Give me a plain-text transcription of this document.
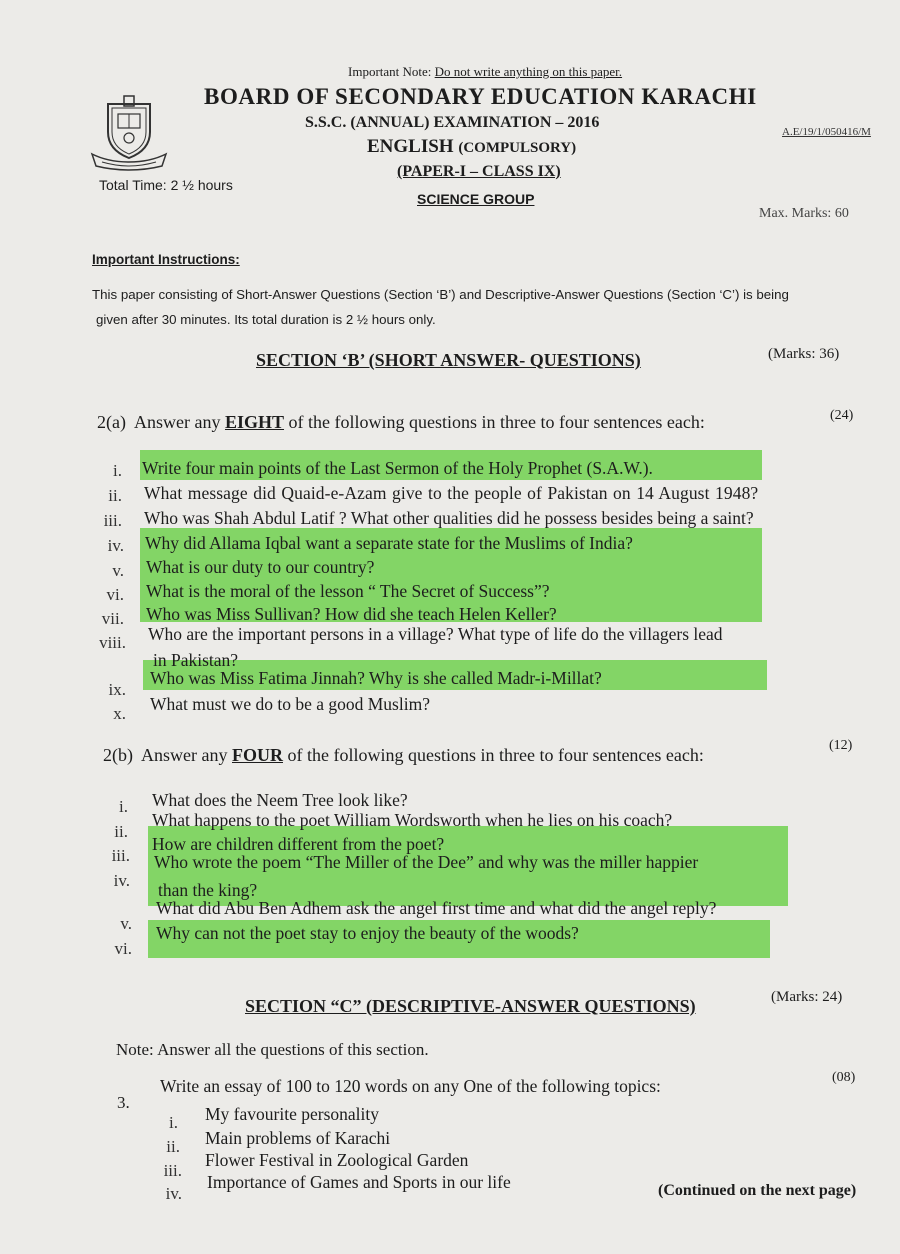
Important Note: Do not write anything on this paper.
BOARD OF SECONDARY EDUCATION KARACHI
S.S.C. (ANNUAL) EXAMINATION – 2016
A.E/19/1/050416/M
ENGLISH (COMPULSORY)
(PAPER-I – CLASS IX)
Total Time: 2 ½ hours
SCIENCE GROUP
Max. Marks: 60
Important Instructions:
This paper consisting of Short-Answer Questions (Section ‘B’) and Descriptive-Answer Questions (Section ‘C’) is being
given after 30 minutes. Its total duration is 2 ½ hours only.
SECTION ‘B’ (SHORT ANSWER- QUESTIONS)	(Marks: 36)
2(a) Answer any EIGHT of the following questions in three to four sentences each:	(24)
i. Write four main points of the Last Sermon of the Holy Prophet (S.A.W.).
ii. What message did Quaid-e-Azam give to the people of Pakistan on 14 August 1948?
iii. Who was Shah Abdul Latif ? What other qualities did he possess besides being a saint?
iv. Why did Allama Iqbal want a separate state for the Muslims of India?
v. What is our duty to our country?
vi. What is the moral of the lesson “ The Secret of Success”?
vii. Who was Miss Sullivan? How did she teach Helen Keller?
viii. Who are the important persons in a village? What type of life do the villagers lead
in Pakistan?
ix.
Who was Miss Fatima Jinnah? Why is she called Madr-i-Millat?
x. What must we do to be a good Muslim?
2(b) Answer any FOUR of the following questions in three to four sentences each:	(12)
i. What does the Neem Tree look like?
ii.
What happens to the poet William Wordsworth when he lies on his coach?
iii.
How are children different from the poet?
iv.
Who wrote the poem “The Miller of the Dee” and why was the miller happier
than the king?
v.
What did Abu Ben Adhem ask the angel first time and what did the angel reply?
vi.
Why can not the poet stay to enjoy the beauty of the woods?
SECTION “C” (DESCRIPTIVE-ANSWER QUESTIONS)	(Marks: 24)
Note: Answer all the questions of this section.
3.
Write an essay of 100 to 120 words on any One of the following topics:	(08)
i. My favourite personality
ii. Main problems of Karachi
iii.
Flower Festival in Zoological Garden
iv.
Importance of Games and Sports in our life	(Continued on the next page)
